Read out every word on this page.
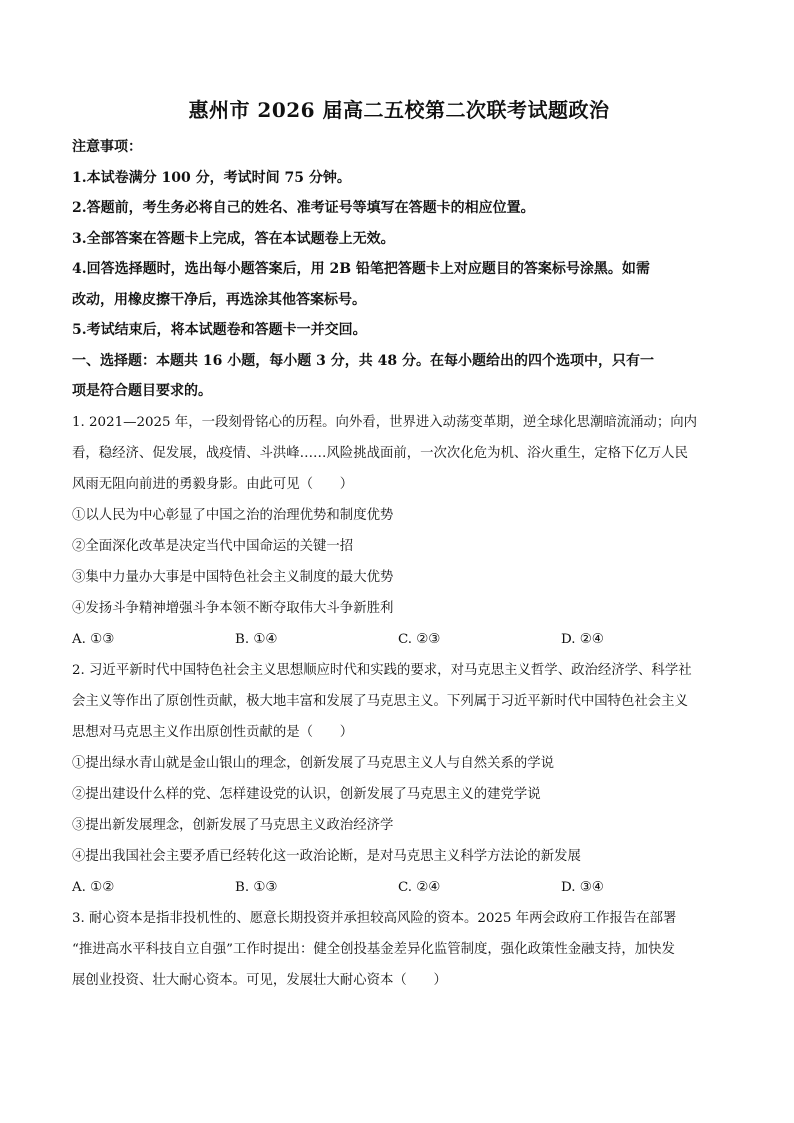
惠州市 2026 届高二五校第二次联考试题政治
注意事项：
1.本试卷满分 100 分，考试时间 75 分钟。
2.答题前，考生务必将自己的姓名、准考证号等填写在答题卡的相应位置。
3.全部答案在答题卡上完成，答在本试题卷上无效。
4.回答选择题时，选出每小题答案后，用 2B 铅笔把答题卡上对应题目的答案标号涂黑。如需
改动，用橡皮擦干净后，再选涂其他答案标号。
5.考试结束后，将本试题卷和答题卡一并交回。
一、选择题：本题共 16 小题，每小题 3 分，共 48 分。在每小题给出的四个选项中，只有一
项是符合题目要求的。
1. 2021—2025 年，一段刻骨铭心的历程。向外看，世界进入动荡变革期，逆全球化思潮暗流涌动；向内
看，稳经济、促发展，战疫情、斗洪峰……风险挑战面前，一次次化危为机、浴火重生，定格下亿万人民
风雨无阻向前进的勇毅身影。由此可见（　　）
①以人民为中心彰显了中国之治的治理优势和制度优势
②全面深化改革是决定当代中国命运的关键一招
③集中力量办大事是中国特色社会主义制度的最大优势
④发扬斗争精神增强斗争本领不断夺取伟大斗争新胜利
A. ①③	B. ①④	C. ②③	D. ②④
2. 习近平新时代中国特色社会主义思想顺应时代和实践的要求，对马克思主义哲学、政治经济学、科学社
会主义等作出了原创性贡献，极大地丰富和发展了马克思主义。下列属于习近平新时代中国特色社会主义
思想对马克思主义作出原创性贡献的是（　　）
①提出绿水青山就是金山银山的理念，创新发展了马克思主义人与自然关系的学说
②提出建设什么样的党、怎样建设党的认识，创新发展了马克思主义的建党学说
③提出新发展理念，创新发展了马克思主义政治经济学
④提出我国社会主要矛盾已经转化这一政治论断，是对马克思主义科学方法论的新发展
A. ①②	B. ①③	C. ②④	D. ③④
3. 耐心资本是指非投机性的、愿意长期投资并承担较高风险的资本。2025 年两会政府工作报告在部署
“推进高水平科技自立自强”工作时提出：健全创投基金差异化监管制度，强化政策性金融支持，加快发
展创业投资、壮大耐心资本。可见，发展壮大耐心资本（　　）
